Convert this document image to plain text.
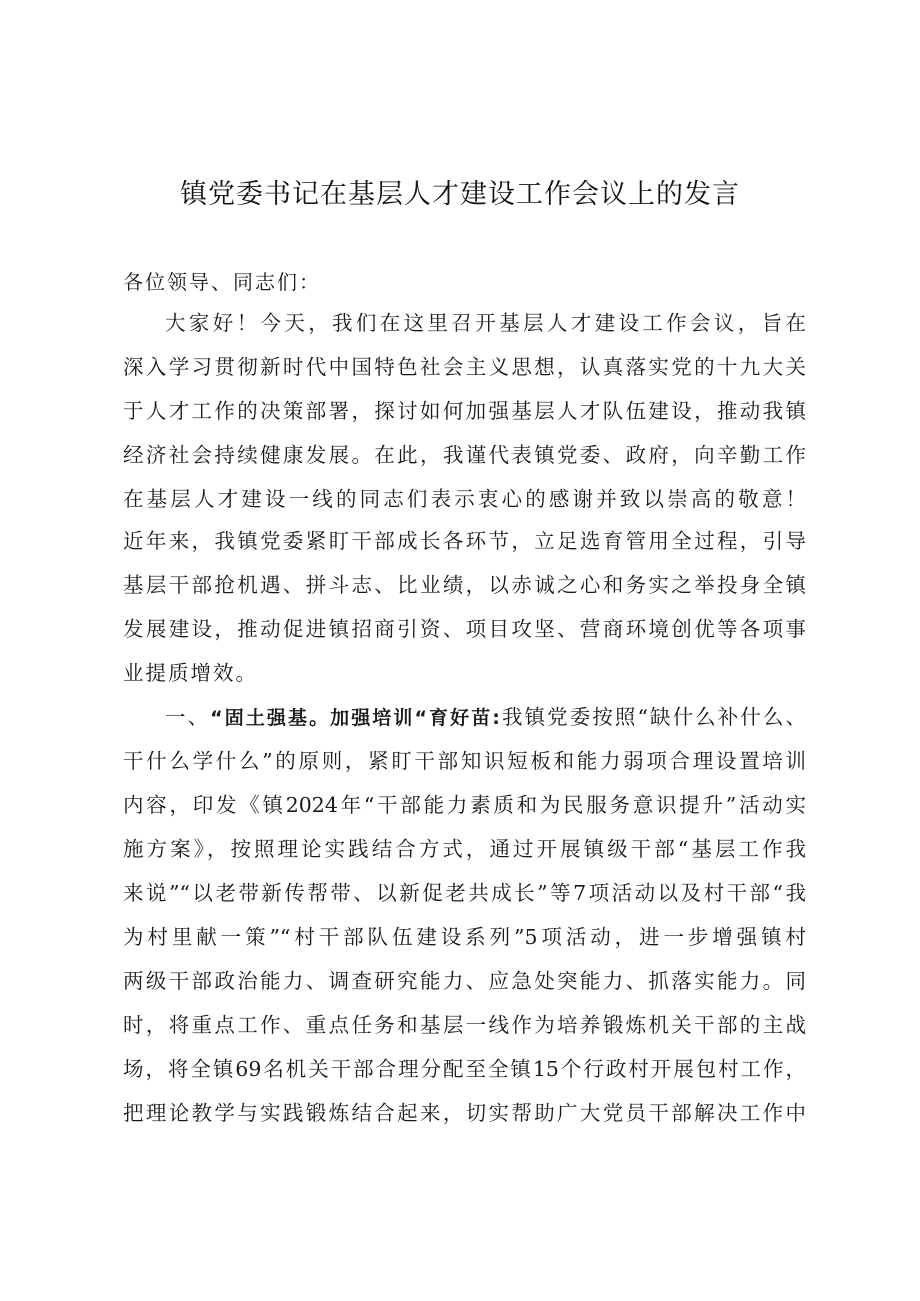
镇党委书记在基层人才建设工作会议上的发言

各位领导、同志们：

大家好！今天，我们在这里召开基层人才建设工作会议，旨在

深入学习贯彻新时代中国特色社会主义思想，认真落实党的十九大关

于人才工作的决策部署，探讨如何加强基层人才队伍建设，推动我镇

经济社会持续健康发展。在此，我谨代表镇党委、政府，向辛勤工作

在基层人才建设一线的同志们表示衷心的感谢并致以崇高的敬意！

近年来，我镇党委紧盯干部成长各环节，立足选育管用全过程，引导

基层干部抢机遇、拼斗志、比业绩，以赤诚之心和务实之举投身全镇

发展建设，推动促进镇招商引资、项目攻坚、营商环境创优等各项事

业提质增效。

一、“固土强基。加强培训“育好苗:我镇党委按照“缺什么补什么、

干什么学什么”的原则，紧盯干部知识短板和能力弱项合理设置培训

内容，印发《镇2024年“干部能力素质和为民服务意识提升”活动实

施方案》，按照理论实践结合方式，通过开展镇级干部“基层工作我

来说”“以老带新传帮带、以新促老共成长”等7项活动以及村干部“我

为村里献一策”“村干部队伍建设系列”5项活动，进一步增强镇村

两级干部政治能力、调查研究能力、应急处突能力、抓落实能力。同

时，将重点工作、重点任务和基层一线作为培养锻炼机关干部的主战

场，将全镇69名机关干部合理分配至全镇15个行政村开展包村工作，

把理论教学与实践锻炼结合起来，切实帮助广大党员干部解决工作中
